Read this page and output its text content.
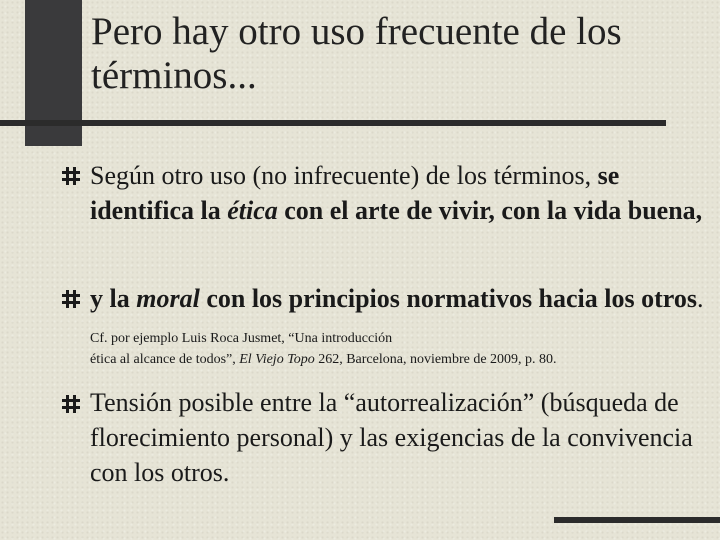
Pero hay otro uso frecuente de los términos...
Según otro uso (no infrecuente) de los términos, se identifica la ética con el arte de vivir, con la vida buena,
y la moral con los principios normativos hacia los otros. Cf. por ejemplo Luis Roca Jusmet, “Una introducción
ética al alcance de todos”, El Viejo Topo 262, Barcelona, noviembre de 2009, p. 80.
Tensión posible entre la “autorrealización” (búsqueda de florecimiento personal) y las exigencias de la convivencia con los otros.
